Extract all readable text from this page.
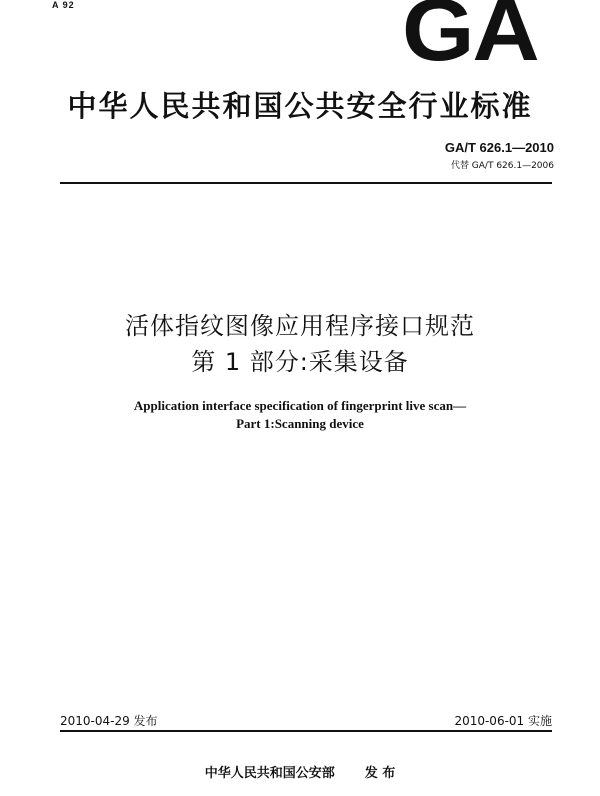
A 92	GA
中华人民共和国公共安全行业标准
GA/T 626.1—2010
代替 GA/T 626.1—2006
活体指纹图像应用程序接口规范
第 1 部分:采集设备
Application interface specification of fingerprint live scan—
Part 1:Scanning device
2010-04-29 发布	2010-06-01 实施
中华人民共和国公安部 发 布
